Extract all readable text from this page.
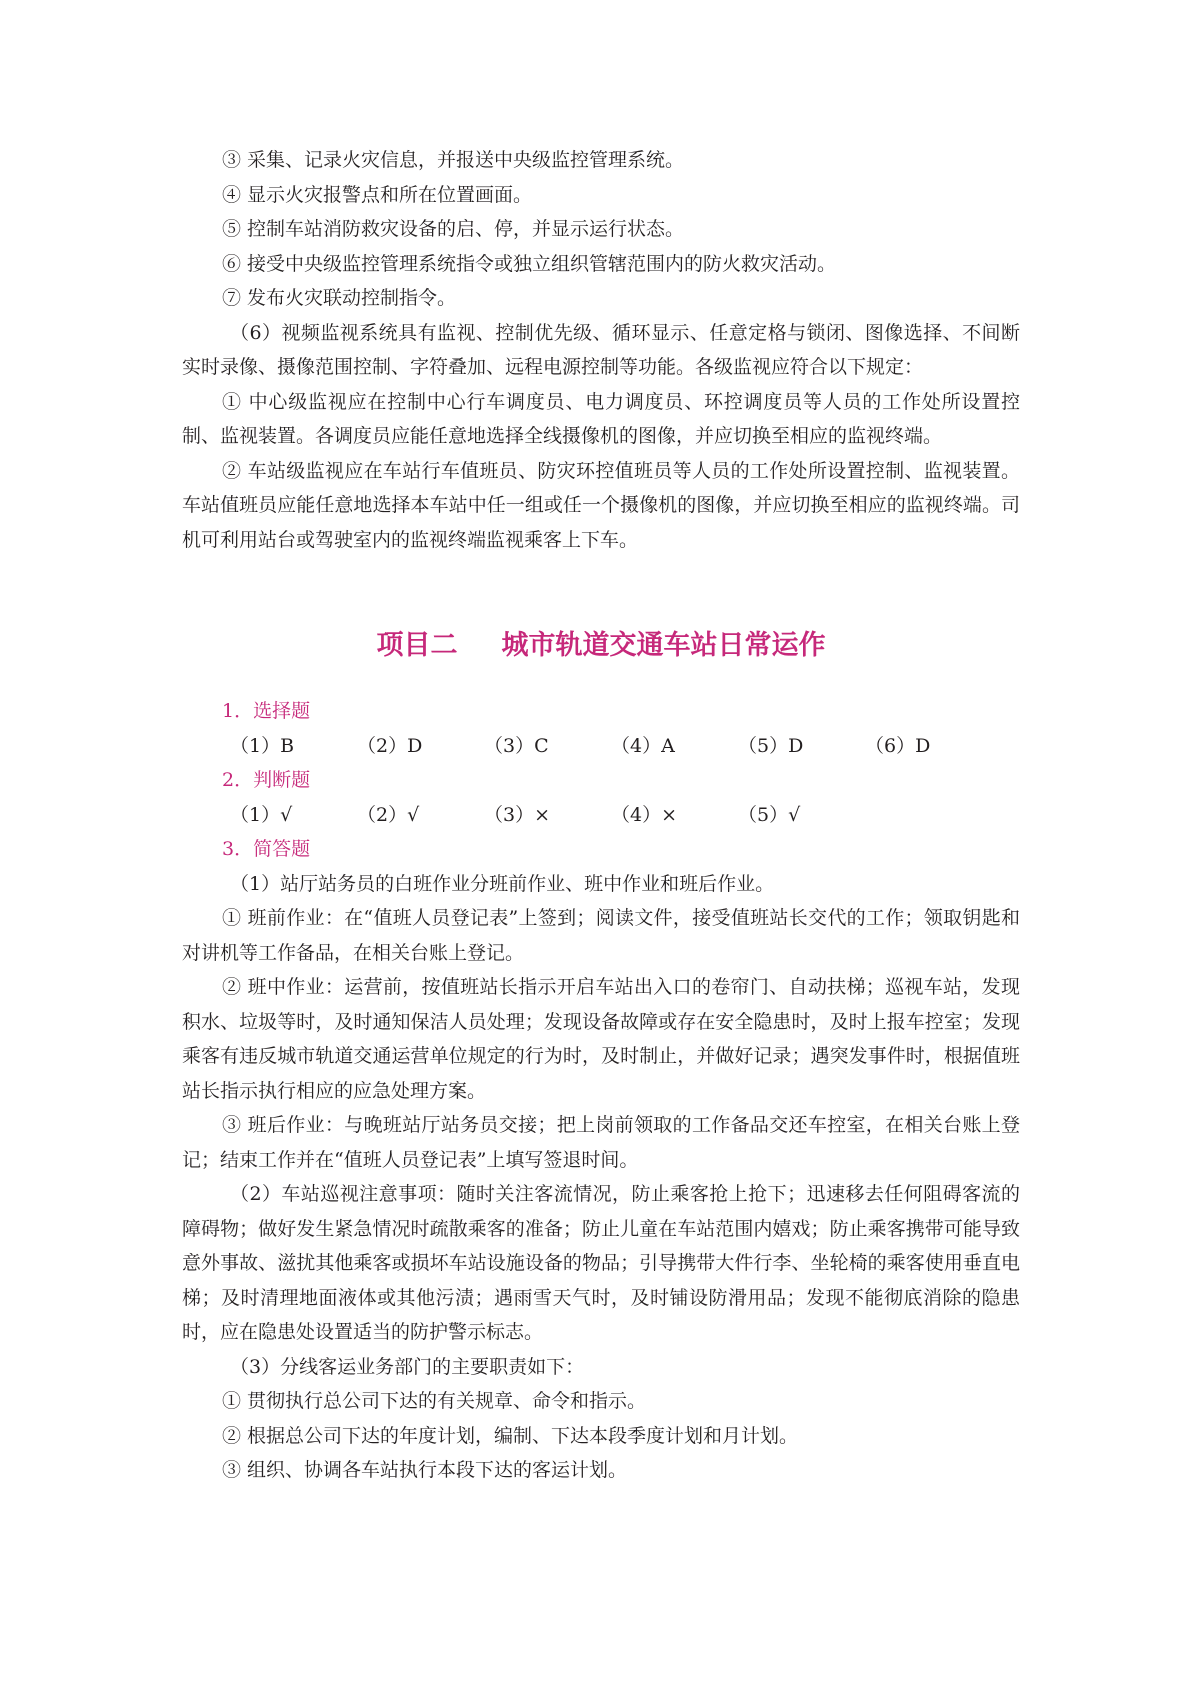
③ 采集、记录火灾信息，并报送中央级监控管理系统。

④ 显示火灾报警点和所在位置画面。

⑤ 控制车站消防救灾设备的启、停，并显示运行状态。

⑥ 接受中央级监控管理系统指令或独立组织管辖范围内的防火救灾活动。

⑦ 发布火灾联动控制指令。

（6）视频监视系统具有监视、控制优先级、循环显示、任意定格与锁闭、图像选择、不间断实时录像、摄像范围控制、字符叠加、远程电源控制等功能。各级监视应符合以下规定：

① 中心级监视应在控制中心行车调度员、电力调度员、环控调度员等人员的工作处所设置控制、监视装置。各调度员应能任意地选择全线摄像机的图像，并应切换至相应的监视终端。

② 车站级监视应在车站行车值班员、防灾环控值班员等人员的工作处所设置控制、监视装置。车站值班员应能任意地选择本车站中任一组或任一个摄像机的图像，并应切换至相应的监视终端。司机可利用站台或驾驶室内的监视终端监视乘客上下车。

项目二 城市轨道交通车站日常运作
1．选择题
（1）B	（2）D	（3）C	（4）A	（5）D	（6）D
2．判断题
（1）√	（2）√	（3）×	（4）×	（5）√
3．简答题

（1）站厅站务员的白班作业分班前作业、班中作业和班后作业。

① 班前作业：在“值班人员登记表”上签到；阅读文件，接受值班站长交代的工作；领取钥匙和对讲机等工作备品，在相关台账上登记。

② 班中作业：运营前，按值班站长指示开启车站出入口的卷帘门、自动扶梯；巡视车站，发现积水、垃圾等时，及时通知保洁人员处理；发现设备故障或存在安全隐患时，及时上报车控室；发现乘客有违反城市轨道交通运营单位规定的行为时，及时制止，并做好记录；遇突发事件时，根据值班站长指示执行相应的应急处理方案。

③ 班后作业：与晚班站厅站务员交接；把上岗前领取的工作备品交还车控室，在相关台账上登记；结束工作并在“值班人员登记表”上填写签退时间。

（2）车站巡视注意事项：随时关注客流情况，防止乘客抢上抢下；迅速移去任何阻碍客流的障碍物；做好发生紧急情况时疏散乘客的准备；防止儿童在车站范围内嬉戏；防止乘客携带可能导致意外事故、滋扰其他乘客或损坏车站设施设备的物品；引导携带大件行李、坐轮椅的乘客使用垂直电梯；及时清理地面液体或其他污渍；遇雨雪天气时，及时铺设防滑用品；发现不能彻底消除的隐患时，应在隐患处设置适当的防护警示标志。

（3）分线客运业务部门的主要职责如下：

① 贯彻执行总公司下达的有关规章、命令和指示。

② 根据总公司下达的年度计划，编制、下达本段季度计划和月计划。

③ 组织、协调各车站执行本段下达的客运计划。
